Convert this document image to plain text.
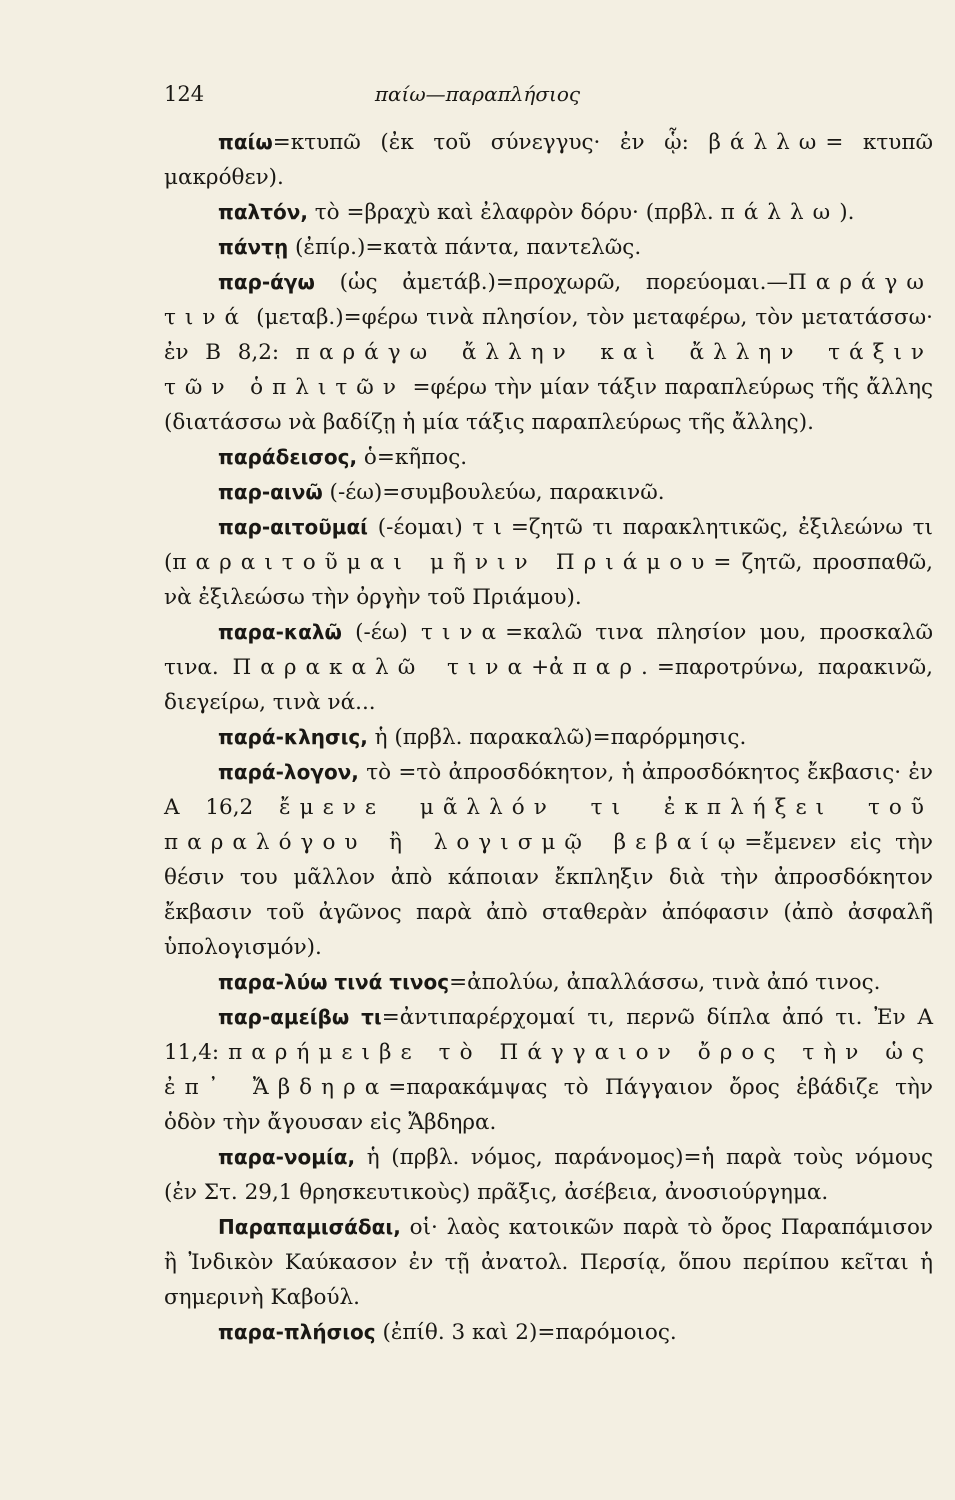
124	παίω—παραπλήσιος

παίω=κτυπῶ (ἐκ τοῦ σύνεγγυς· ἐν ᾧ: βάλλω= κτυπῶ μακρόθεν).

παλτόν, τὸ =βραχὺ καὶ ἐλαφρὸν δόρυ· (πρβλ. πάλλω).

πάντῃ (ἐπίρ.)=κατὰ πάντα, παντελῶς.

παρ-άγω (ὡς ἀμετάβ.)=προχωρῶ, πορεύομαι.—Παράγω τινά (μεταβ.)=φέρω τινὰ πλησίον, τὸν μεταφέρω, τὸν μετατάσσω· ἐν Β 8,2: παράγω ἄλλην καὶ ἄλλην τάξιν τῶν ὁπλιτῶν =φέρω τὴν μίαν τάξιν παραπλεύρως τῆς ἄλλης (διατάσσω νὰ βαδίζῃ ἡ μία τάξις παραπλεύρως τῆς ἄλλης).

παράδεισος, ὁ=κῆπος.

παρ-αινῶ (-έω)=συμβουλεύω, παρακινῶ.

παρ-αιτοῦμαί (-έομαι) τι=ζητῶ τι παρακλητικῶς, ἐξιλεώνω τι (παραιτοῦμαι μῆνιν Πριάμου= ζητῶ, προσπαθῶ, νὰ ἐξιλεώσω τὴν ὀργὴν τοῦ Πριάμου).

παρα-καλῶ (-έω) τινα=καλῶ τινα πλησίον μου, προσκαλῶ τινα. Παρακαλῶ τινα+ἀπαρ.=παροτρύνω, παρακινῶ, διεγείρω, τινὰ νά...

παρά-κλησις, ἡ (πρβλ. παρακαλῶ)=παρόρμησις.

παρά-λογον, τὸ =τὸ ἀπροσδόκητον, ἡ ἀπροσδόκητος ἔκβασις· ἐν Α 16,2 ἔμενε μᾶλλόν τι ἐκπλήξει τοῦ παραλόγου ἢ λογισμῷ βεβαίῳ=ἔμενεν εἰς τὴν θέσιν του μᾶλλον ἀπὸ κάποιαν ἔκπληξιν διὰ τὴν ἀπροσδόκητον ἔκβασιν τοῦ ἀγῶνος παρὰ ἀπὸ σταθερὰν ἀπόφασιν (ἀπὸ ἀσφαλῆ ὑπολογισμόν).

παρα-λύω τινά τινος=ἀπολύω, ἀπαλλάσσω, τινὰ ἀπό τινος.

παρ-αμείβω τι=ἀντιπαρέρχομαί τι, περνῶ δίπλα ἀπό τι. Ἐν Α 11,4: παρήμειβε τὸ Πάγγαιον ὄρος τὴν ὡς ἐπ᾽ Ἄβδηρα=παρακάμψας τὸ Πάγγαιον ὄρος ἐβάδιζε τὴν ὁδὸν τὴν ἄγουσαν εἰς Ἄβδηρα.

παρα-νομία, ἡ (πρβλ. νόμος, παράνομος)=ἡ παρὰ τοὺς νόμους (ἐν Στ. 29,1 θρησκευτικοὺς) πρᾶξις, ἀσέβεια, ἀνοσιούργημα.

Παραπαμισάδαι, οἱ· λαὸς κατοικῶν παρὰ τὸ ὄρος Παραπάμισον ἢ Ἰνδικὸν Καύκασον ἐν τῇ ἀνατολ. Περσίᾳ, ὅπου περίπου κεῖται ἡ σημερινὴ Καβούλ.

παρα-πλήσιος (ἐπίθ. 3 καὶ 2)=παρόμοιος.
